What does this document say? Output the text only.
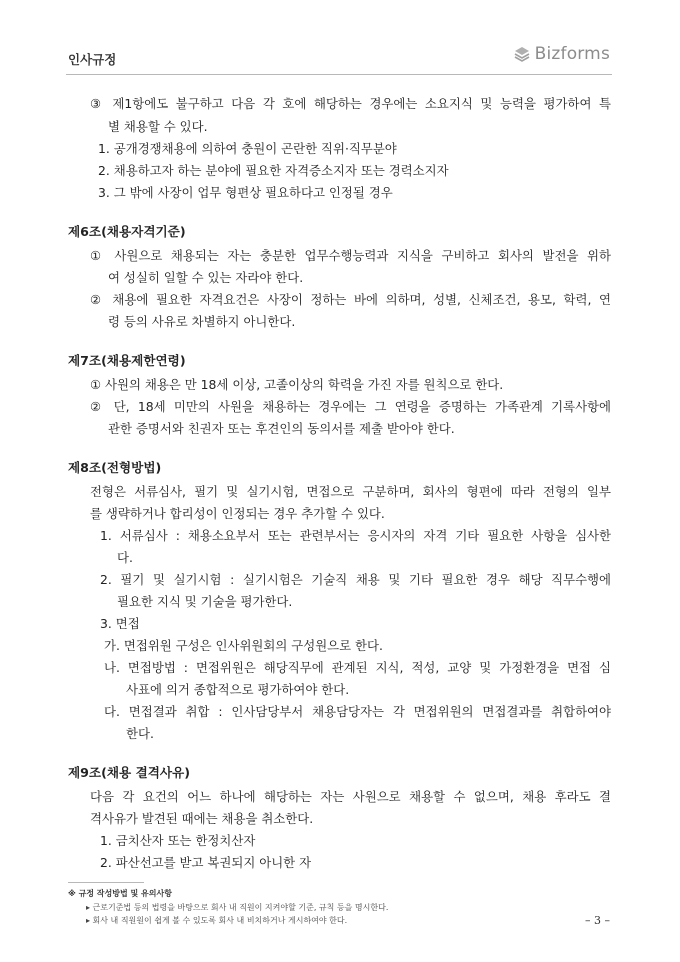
인사규정	Bizforms
③ 제1항에도 불구하고 다음 각 호에 해당하는 경우에는 소요지식 및 능력을 평가하여 특
별 채용할 수 있다.
1. 공개경쟁채용에 의하여 충원이 곤란한 직위·직무분야
2. 채용하고자 하는 분야에 필요한 자격증소지자 또는 경력소지자
3. 그 밖에 사장이 업무 형편상 필요하다고 인정될 경우
제6조(채용자격기준)
① 사원으로 채용되는 자는 충분한 업무수행능력과 지식을 구비하고 회사의 발전을 위하
여 성실히 일할 수 있는 자라야 한다.
② 채용에 필요한 자격요건은 사장이 정하는 바에 의하며, 성별, 신체조건, 용모, 학력, 연
령 등의 사유로 차별하지 아니한다.
제7조(채용제한연령)
① 사원의 채용은 만 18세 이상, 고졸이상의 학력을 가진 자를 원칙으로 한다.
② 단, 18세 미만의 사원을 채용하는 경우에는 그 연령을 증명하는 가족관계 기록사항에
관한 증명서와 친권자 또는 후견인의 동의서를 제출 받아야 한다.
제8조(전형방법)
전형은 서류심사, 필기 및 실기시험, 면접으로 구분하며, 회사의 형편에 따라 전형의 일부
를 생략하거나 합리성이 인정되는 경우 추가할 수 있다.
1. 서류심사 : 채용소요부서 또는 관련부서는 응시자의 자격 기타 필요한 사항을 심사한
다.
2. 필기 및 실기시험 : 실기시험은 기술직 채용 및 기타 필요한 경우 해당 직무수행에
필요한 지식 및 기술을 평가한다.
3. 면접
가. 면접위원 구성은 인사위원회의 구성원으로 한다.
나. 면접방법 : 면접위원은 해당직무에 관계된 지식, 적성, 교양 및 가정환경을 면접 심
사표에 의거 종합적으로 평가하여야 한다.
다. 면접결과 취합 : 인사담당부서 채용담당자는 각 면접위원의 면접결과를 취합하여야
한다.
제9조(채용 결격사유)
다음 각 요건의 어느 하나에 해당하는 자는 사원으로 채용할 수 없으며, 채용 후라도 결
격사유가 발견된 때에는 채용을 취소한다.
1. 금치산자 또는 한정치산자
2. 파산선고를 받고 복권되지 아니한 자
※ 규정 작성방법 및 유의사항
▸ 근로기준법 등의 법령을 바탕으로 회사 내 직원이 지켜야할 기준, 규칙 등을 명시한다.
▸ 회사 내 직원원이 쉽게 볼 수 있도록 회사 내 비치하거나 게시하여야 한다.	– 3 –
